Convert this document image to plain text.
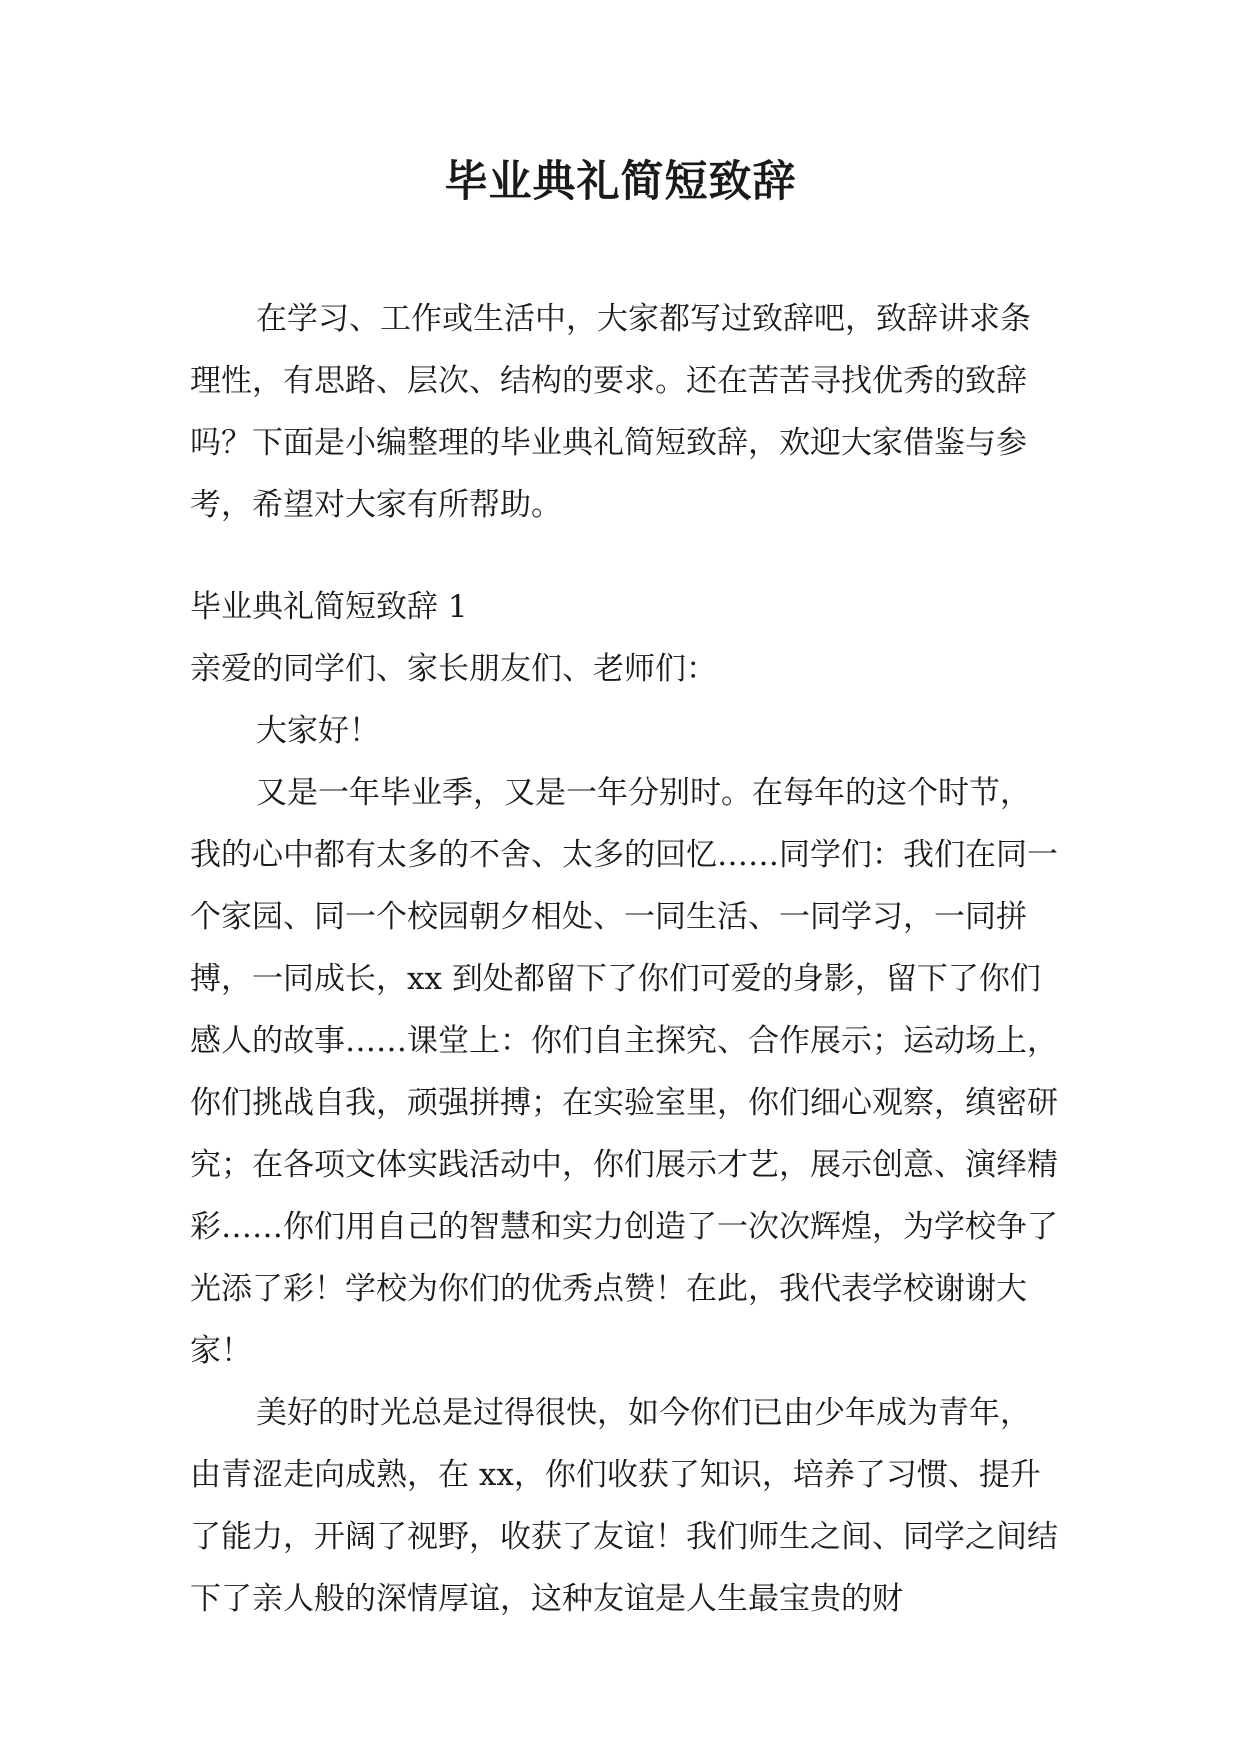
毕业典礼简短致辞

在学习、工作或生活中，大家都写过致辞吧，致辞讲求条理性，有思路、层次、结构的要求。还在苦苦寻找优秀的致辞吗？下面是小编整理的毕业典礼简短致辞，欢迎大家借鉴与参考，希望对大家有所帮助。

毕业典礼简短致辞 1

亲爱的同学们、家长朋友们、老师们：

大家好！

又是一年毕业季，又是一年分别时。在每年的这个时节，我的心中都有太多的不舍、太多的回忆……同学们：我们在同一个家园、同一个校园朝夕相处、一同生活、一同学习，一同拼搏，一同成长，xx 到处都留下了你们可爱的身影，留下了你们感人的故事……课堂上：你们自主探究、合作展示；运动场上，你们挑战自我，顽强拼搏；在实验室里，你们细心观察，缜密研究；在各项文体实践活动中，你们展示才艺，展示创意、演绎精彩……你们用自己的智慧和实力创造了一次次辉煌，为学校争了光添了彩！学校为你们的优秀点赞！在此，我代表学校谢谢大家！

美好的时光总是过得很快，如今你们已由少年成为青年，由青涩走向成熟，在 xx，你们收获了知识，培养了习惯、提升了能力，开阔了视野，收获了友谊！我们师生之间、同学之间结下了亲人般的深情厚谊，这种友谊是人生最宝贵的财
